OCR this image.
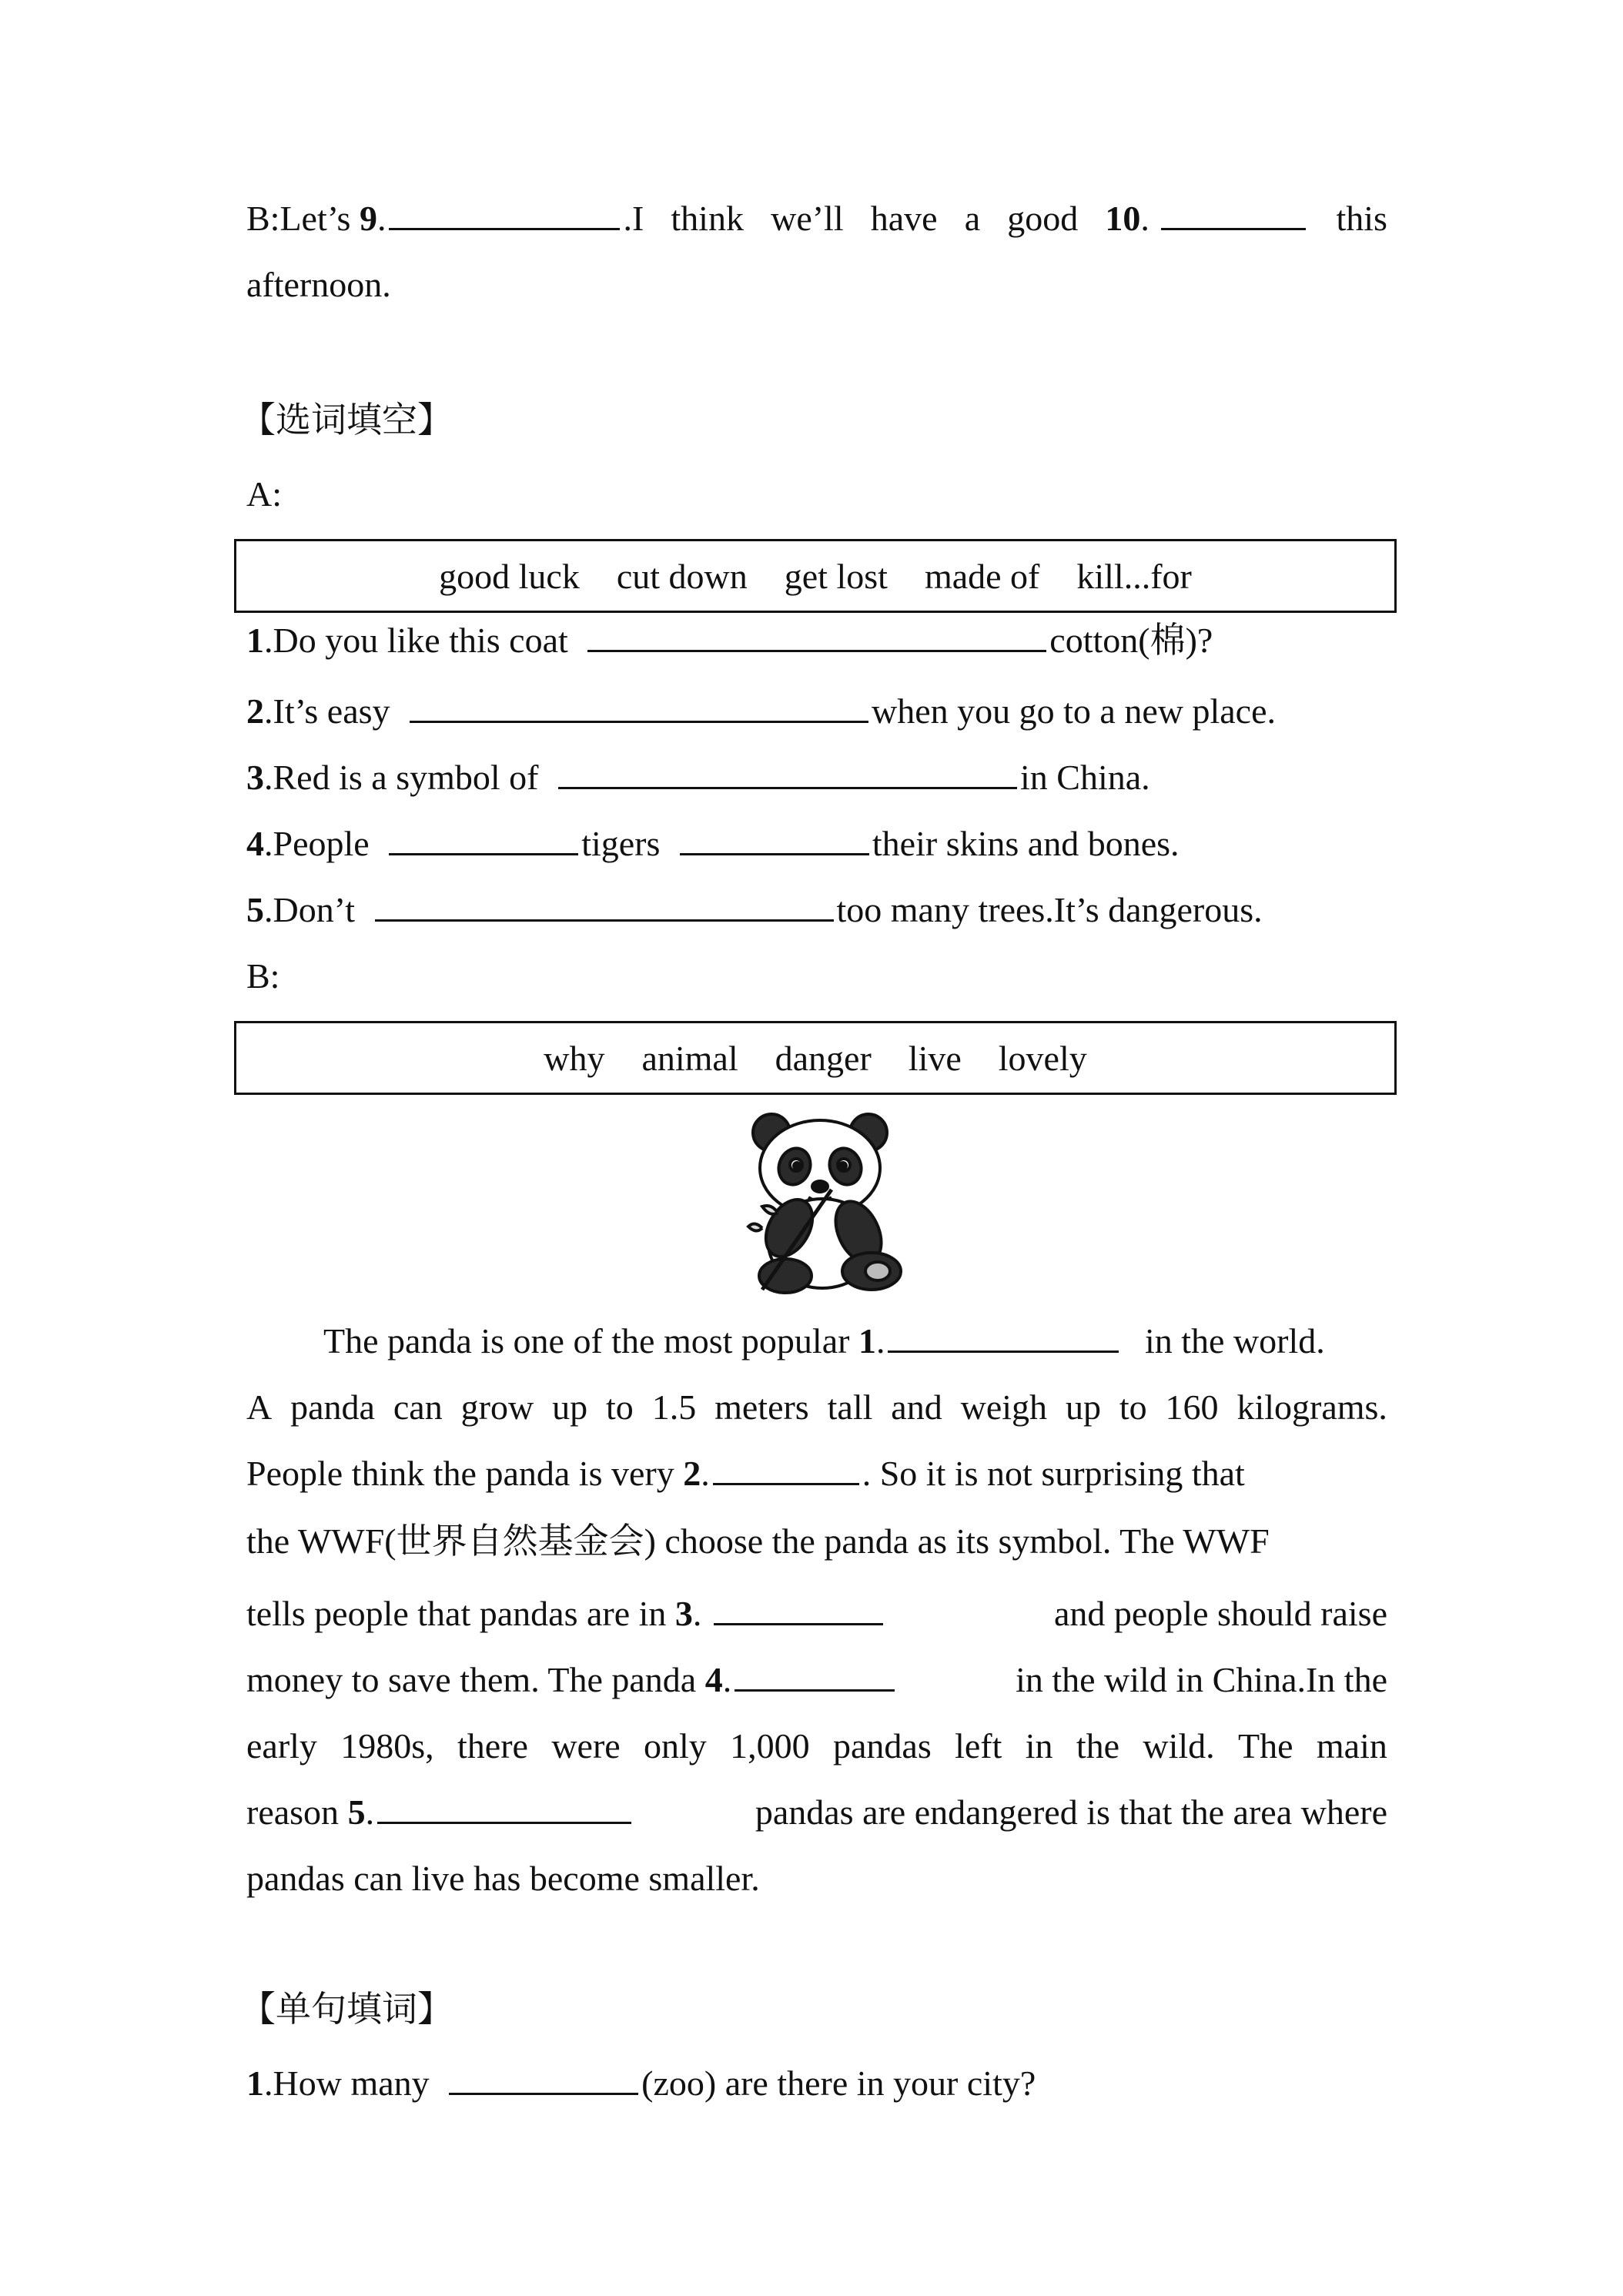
B:Let’s 9.	.I think we’ll have a good 10.	this
afternoon.
【选词填空】
A:
good luck cut down get lost made of kill...for
1.Do you like this coat	cotton(棉)?
2.It’s easy	when you go to a new place.
3.Red is a symbol of	in China.
4.People	tigers	their skins and bones.
5.Don’t	too many trees.It’s dangerous.
B:
why animal danger live lovely
The panda is one of the most popular 1.	in the world.
A panda can grow up to 1.5 meters tall and weigh up to 160 kilograms.
People think the panda is very 2.	. So it is not surprising that
the WWF(世界自然基金会) choose the panda as its symbol. The WWF
tells people that pandas are in 3.	and people should raise
money to save them. The panda 4.	in the wild in China.In the
early 1980s, there were only 1,000 pandas left in the wild. The main
reason 5.	pandas are endangered is that the area where
pandas can live has become smaller.
【单句填词】
1.How many	(zoo) are there in your city?
